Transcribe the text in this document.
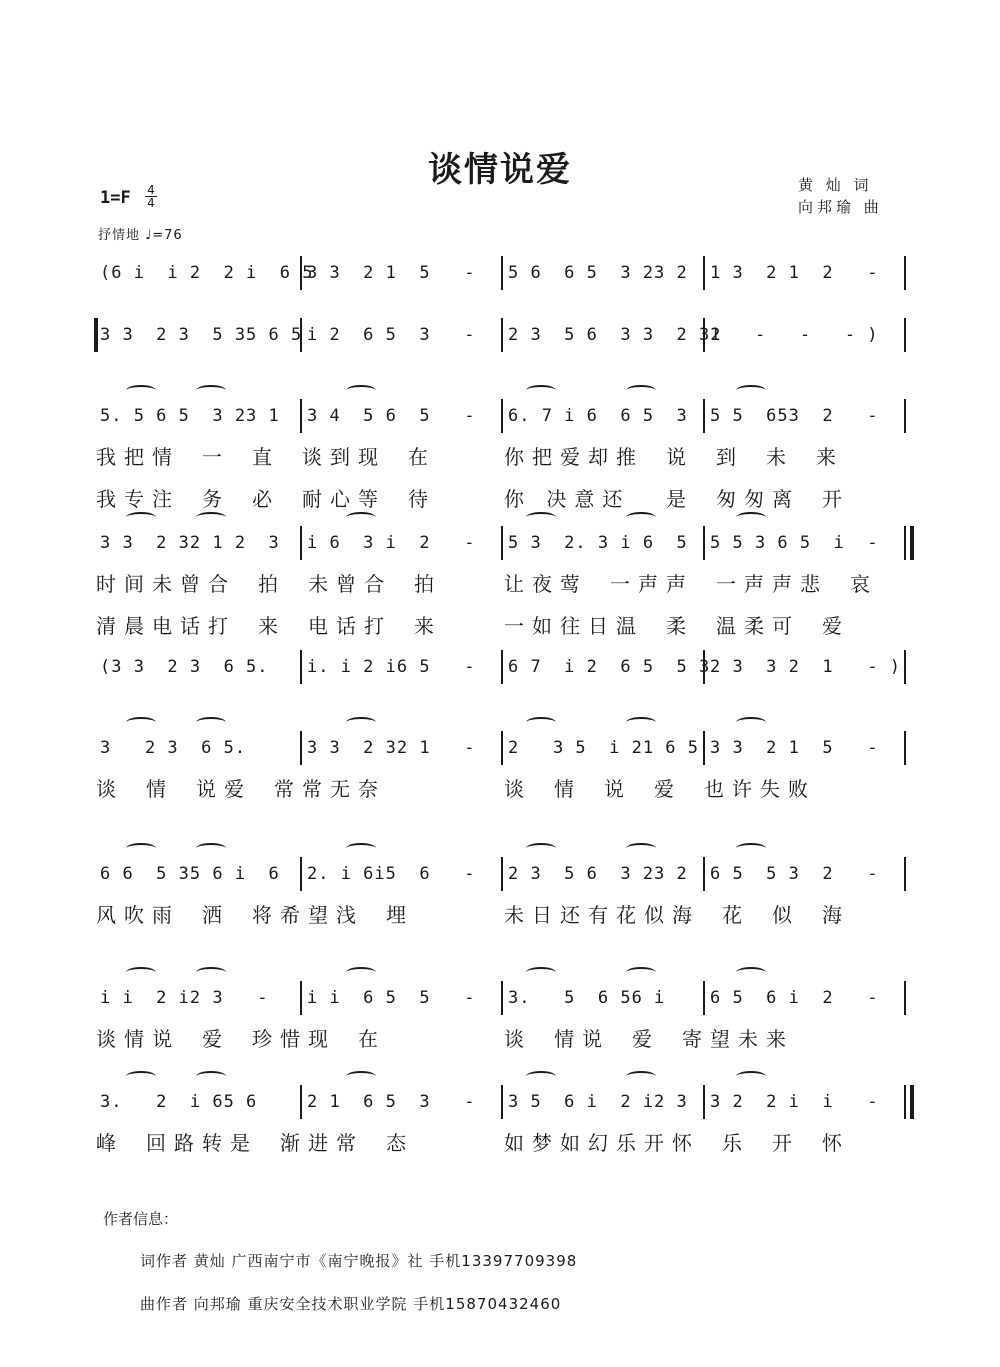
谈情说爱	黄 灿 词
向邦瑜 曲
1=F 4
4
抒情地 ♩=76
(6 i  i 2  2 i  6 5
3 3  2 1  5   - 5 6  6 5  3 23 2 1 3  2 1  2   -
3 3  2 3  5 35 6 5 i 2  6 5  3   - 2 3  5 6  3 3  2 32
1   -   -   - )
5. 5 6 5  3 23 1 3 4  5 6  5   - 6. 7 i 6  6 5  3 5 5  653  2   -
我把情 一 直 谈到现 在	你把爱却推 说 到 未 来
我专注 务 必 耐心等 待	你 决意还 是 匆匆离 开
3 3  2 32 1 2  3 i 6  3 i  2   - 5 3  2. 3 i 6  5 5 5 3 6 5  i  -
时间未曾合 拍 未曾合 拍	让夜莺 一声声 一声声悲 哀
清晨电话打 来 电话打 来	一如往日温 柔 温柔可 爱
(3 3  2 3  6 5. i. i 2 i6 5   - 6 7  i 2  6 5  5 3 2 3  3 2  1   - )
3   2 3  6 5.	3 3  2 32 1   - 2   3 5  i 21 6 5 3 3  2 1  5   -
谈 情 说爱 常常无奈	谈 情 说 爱 也许失败
6 6  5 35 6 i  6 2. i 6i5  6   - 2 3  5 6  3 23 2 6 5  5 3  2   -
风吹雨 洒 将希望浅 埋	未日还有花似海 花 似 海
i i  2 i2 3   - i i  6 5  5   - 3.   5  6 56 i	6 5  6 i  2   -
谈情说 爱 珍惜现 在	谈 情说 爱 寄望未来
3.   2  i 65 6	2 1  6 5  3   - 3 5  6 i  2 i2 3 3 2  2 i  i   -
峰 回路转是 渐进常 态	如梦如幻乐开怀 乐 开 怀
作者信息：
词作者 黄灿 广西南宁市《南宁晚报》社 手机13397709398
曲作者 向邦瑜 重庆安全技术职业学院 手机15870432460
